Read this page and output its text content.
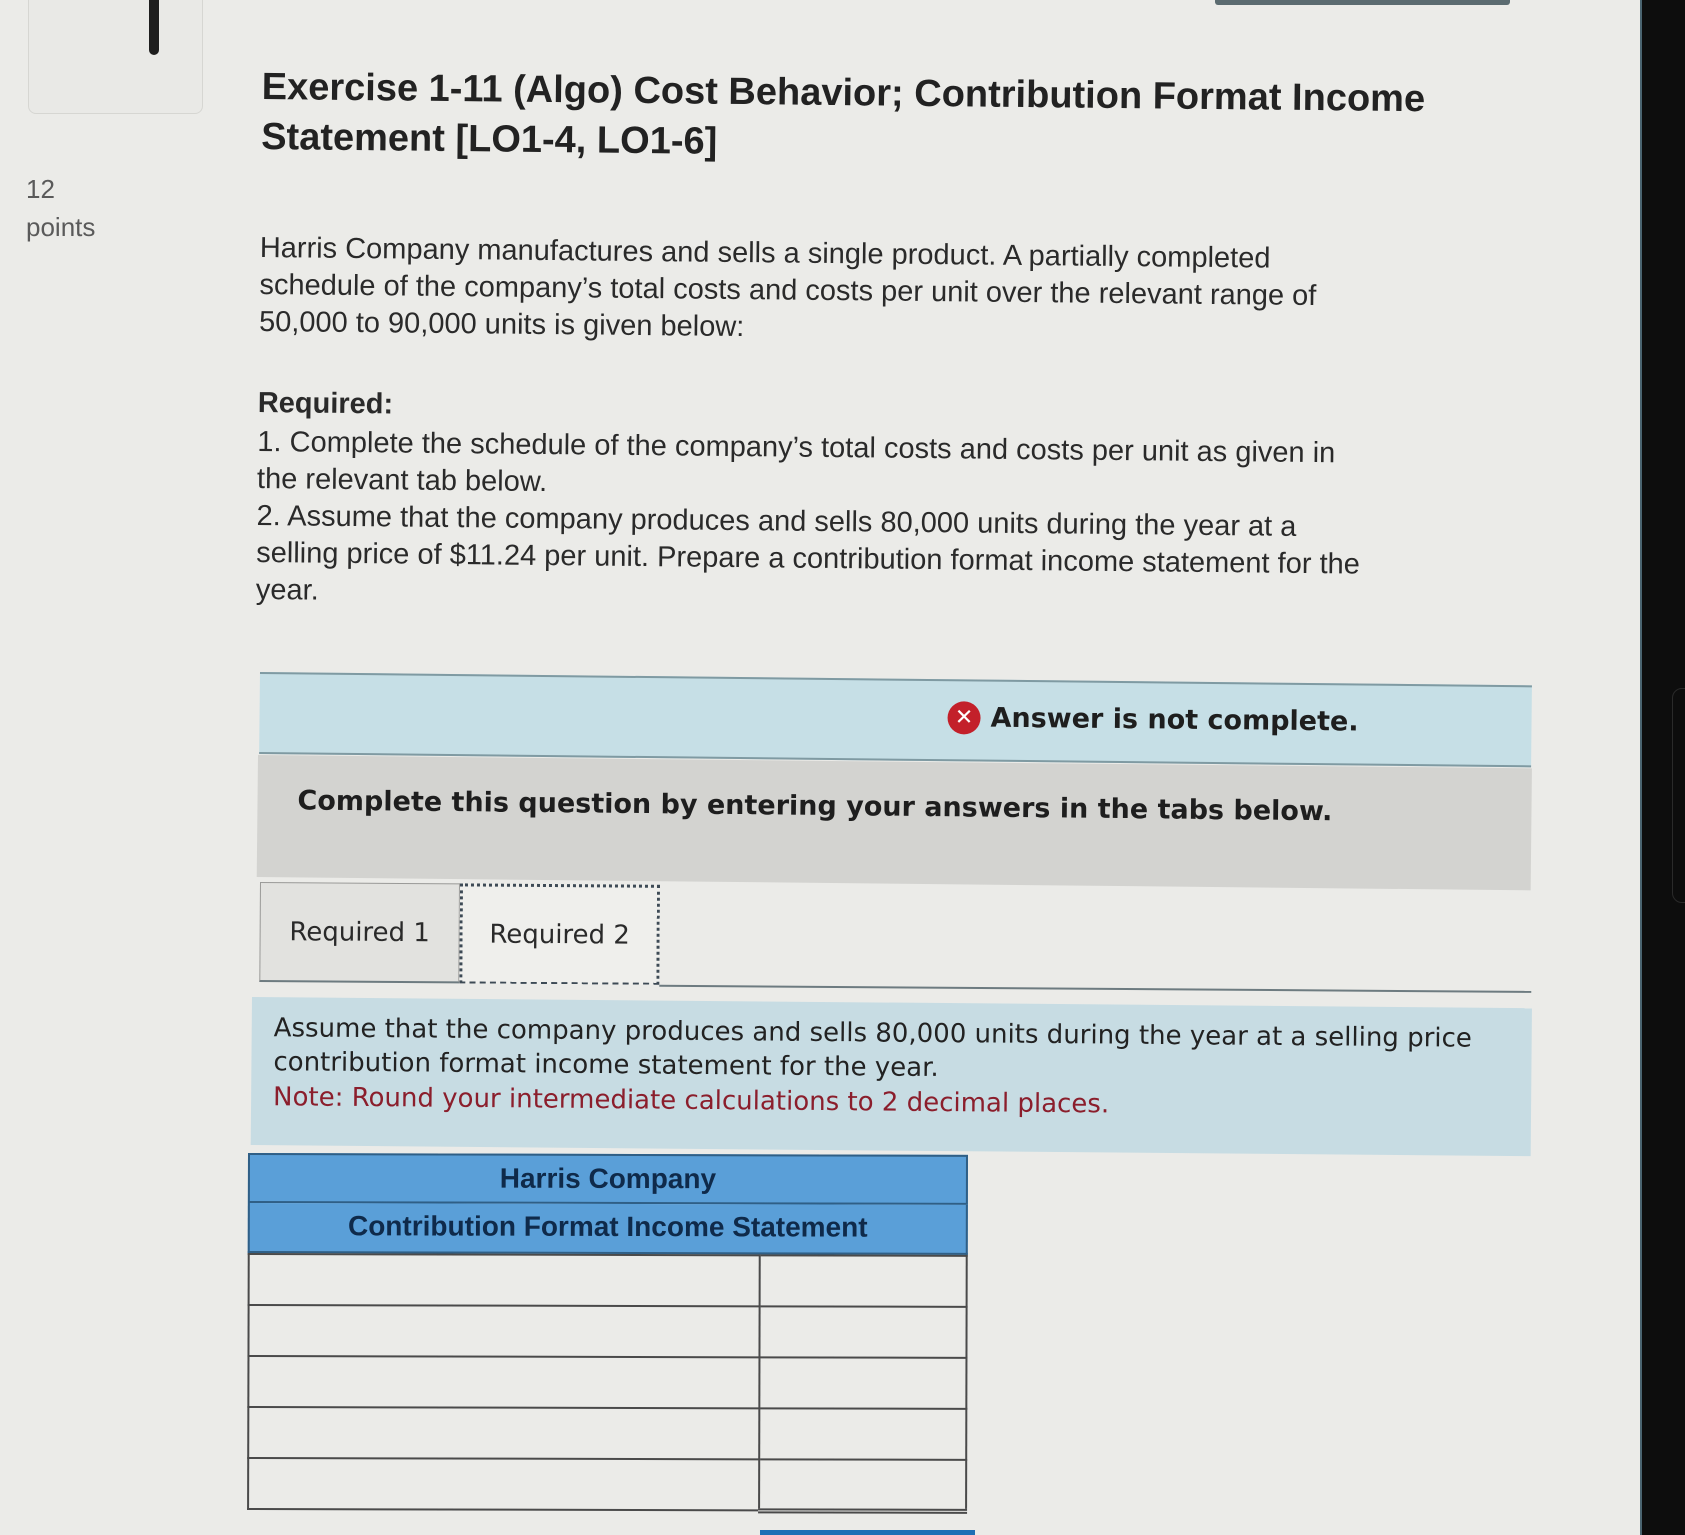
12
points
Exercise 1-11 (Algo) Cost Behavior; Contribution Format Income
Statement [LO1-4, LO1-6]
Harris Company manufactures and sells a single product. A partially completed
schedule of the company’s total costs and costs per unit over the relevant range of
50,000 to 90,000 units is given below:
Required:
1. Complete the schedule of the company’s total costs and costs per unit as given in
the relevant tab below.
2. Assume that the company produces and sells 80,000 units during the year at a
selling price of $11.24 per unit. Prepare a contribution format income statement for the
year.
✕ Answer is not complete.
Complete this question by entering your answers in the tabs below.
Required 1 Required 2
Assume that the company produces and sells 80,000 units during the year at a selling price
contribution format income statement for the year.
Note: Round your intermediate calculations to 2 decimal places.
Harris Company
Contribution Format Income Statement
